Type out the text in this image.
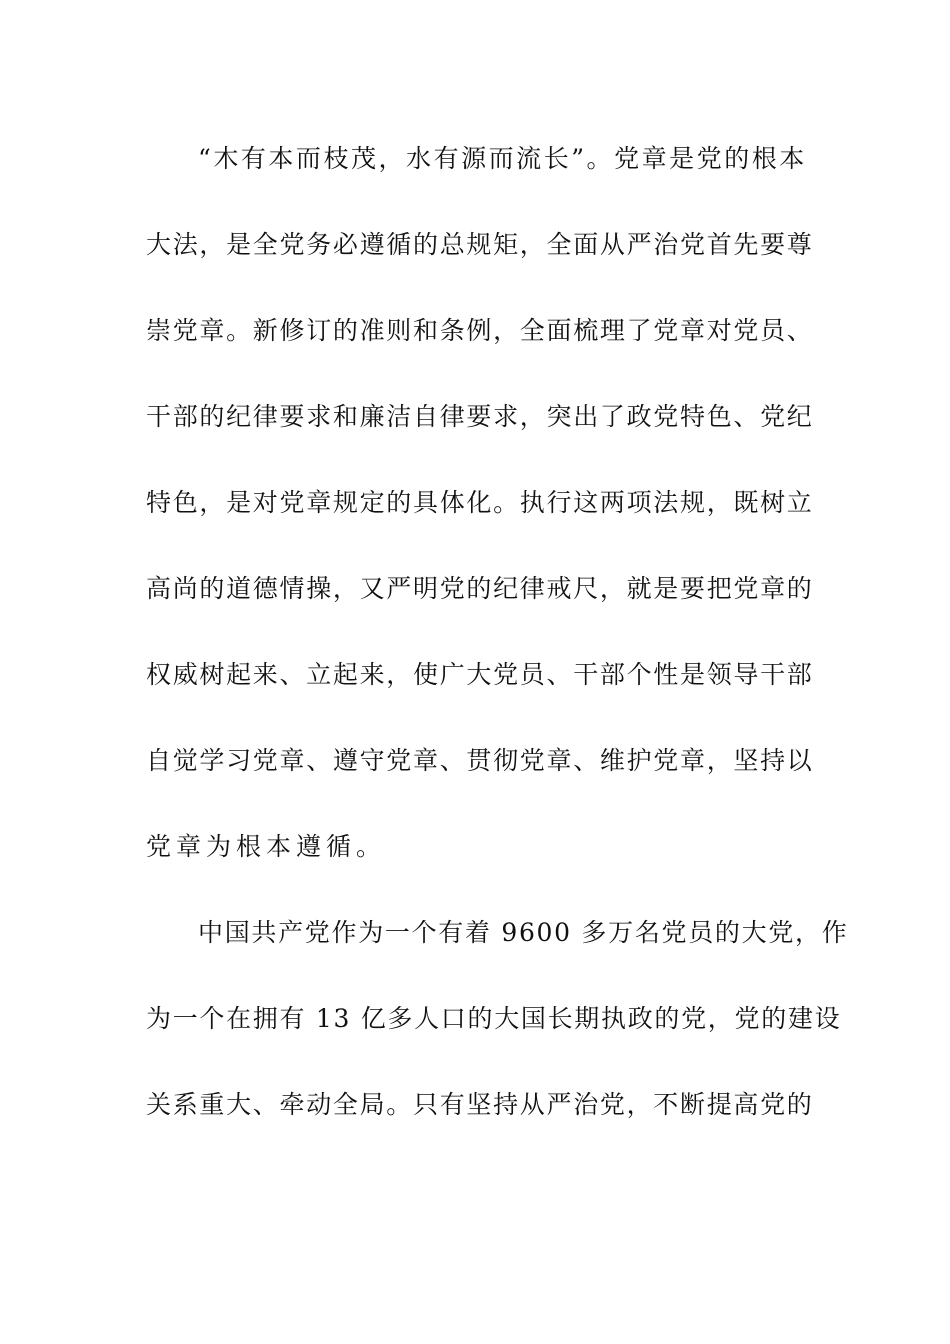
“木有本而枝茂，水有源而流长”。党章是党的根本
大法，是全党务必遵循的总规矩，全面从严治党首先要尊
崇党章。新修订的准则和条例，全面梳理了党章对党员、
干部的纪律要求和廉洁自律要求，突出了政党特色、党纪
特色，是对党章规定的具体化。执行这两项法规，既树立
高尚的道德情操，又严明党的纪律戒尺，就是要把党章的
权威树起来、立起来，使广大党员、干部个性是领导干部
自觉学习党章、遵守党章、贯彻党章、维护党章，坚持以
党章为根本遵循。
中国共产党作为一个有着 9600 多万名党员的大党，作
为一个在拥有 13 亿多人口的大国长期执政的党，党的建设
关系重大、牵动全局。只有坚持从严治党，不断提高党的
